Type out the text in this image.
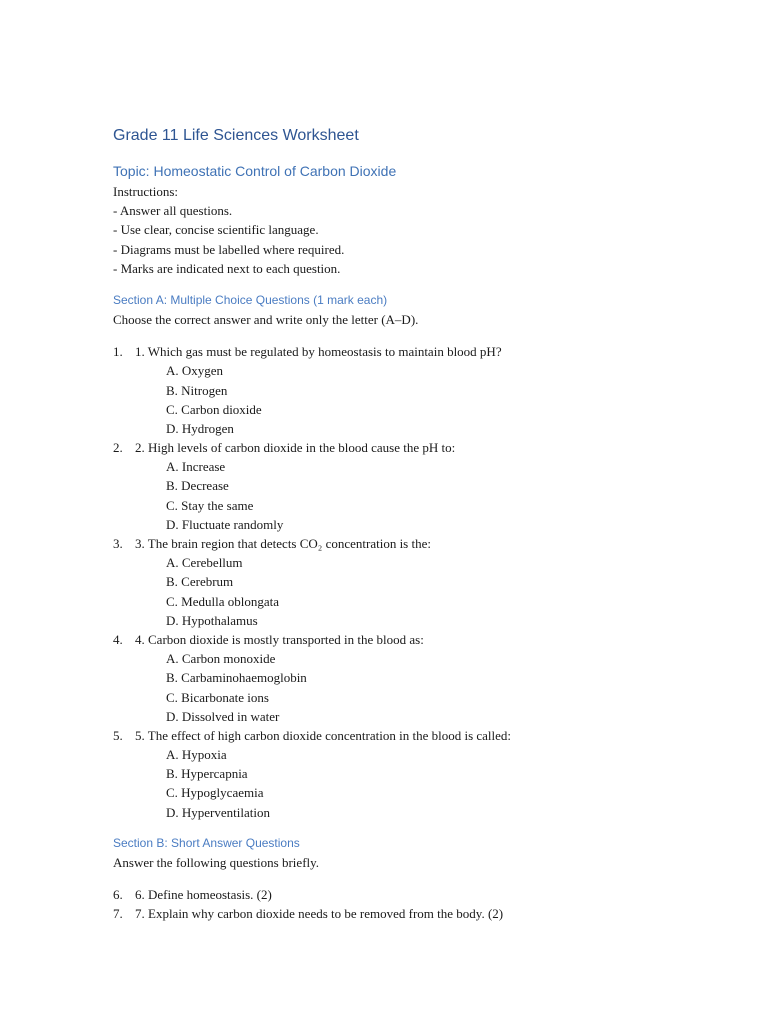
Grade 11 Life Sciences Worksheet
Topic: Homeostatic Control of Carbon Dioxide
Instructions:
- Answer all questions.
- Use clear, concise scientific language.
- Diagrams must be labelled where required.
- Marks are indicated next to each question.
Section A: Multiple Choice Questions (1 mark each)
Choose the correct answer and write only the letter (A–D).
1. 1. Which gas must be regulated by homeostasis to maintain blood pH?
A. Oxygen
B. Nitrogen
C. Carbon dioxide
D. Hydrogen
2. 2. High levels of carbon dioxide in the blood cause the pH to:
A. Increase
B. Decrease
C. Stay the same
D. Fluctuate randomly
3. 3. The brain region that detects CO₂ concentration is the:
A. Cerebellum
B. Cerebrum
C. Medulla oblongata
D. Hypothalamus
4. 4. Carbon dioxide is mostly transported in the blood as:
A. Carbon monoxide
B. Carbaminohaemoglobin
C. Bicarbonate ions
D. Dissolved in water
5. 5. The effect of high carbon dioxide concentration in the blood is called:
A. Hypoxia
B. Hypercapnia
C. Hypoglycaemia
D. Hyperventilation
Section B: Short Answer Questions
Answer the following questions briefly.
6. 6. Define homeostasis. (2)
7. 7. Explain why carbon dioxide needs to be removed from the body. (2)
